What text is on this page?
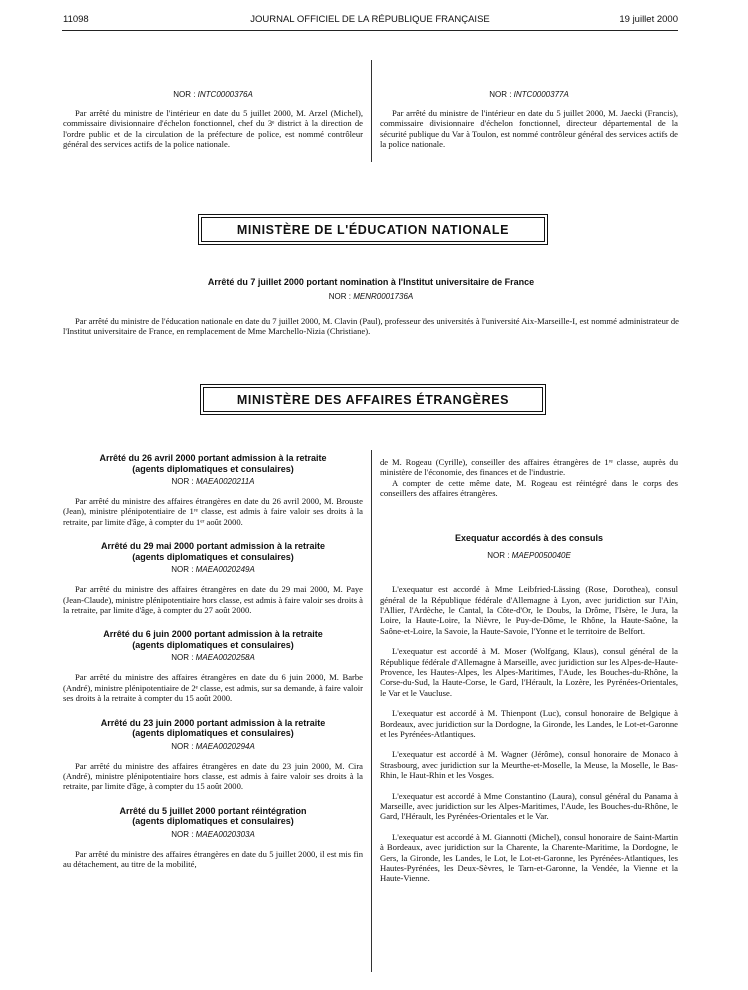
11098	JOURNAL OFFICIEL DE LA RÉPUBLIQUE FRANÇAISE	19 juillet 2000
NOR : INTC0000376A

Par arrêté du ministre de l'intérieur en date du 5 juillet 2000, M. Arzel (Michel), commissaire divisionnaire d'échelon fonctionnel, chef du 3ᵉ district à la direction de l'ordre public et de la circulation de la préfecture de police, est nommé contrôleur général des services actifs de la police nationale.

NOR : INTC0000377A

Par arrêté du ministre de l'intérieur en date du 5 juillet 2000, M. Jaecki (Francis), commissaire divisionnaire d'échelon fonctionnel, directeur départemental de la sécurité publique du Var à Toulon, est nommé contrôleur général des services actifs de la police nationale.

MINISTÈRE DE L'ÉDUCATION NATIONALE
Arrêté du 7 juillet 2000 portant nomination à l'Institut universitaire de France
NOR : MENR0001736A

Par arrêté du ministre de l'éducation nationale en date du 7 juillet 2000, M. Clavin (Paul), professeur des universités à l'université Aix-Marseille-I, est nommé administrateur de l'Institut universitaire de France, en remplacement de Mme Marchello-Nizia (Christiane).

MINISTÈRE DES AFFAIRES ÉTRANGÈRES
Arrêté du 26 avril 2000 portant admission à la retraite
(agents diplomatiques et consulaires)
NOR : MAEA0020211A

Par arrêté du ministre des affaires étrangères en date du 26 avril 2000, M. Brouste (Jean), ministre plénipotentiaire de 1ʳᵉ classe, est admis à faire valoir ses droits à la retraite, par limite d'âge, à compter du 1ᵉʳ août 2000.

Arrêté du 29 mai 2000 portant admission à la retraite
(agents diplomatiques et consulaires)
NOR : MAEA0020249A

Par arrêté du ministre des affaires étrangères en date du 29 mai 2000, M. Paye (Jean-Claude), ministre plénipotentiaire hors classe, est admis à faire valoir ses droits à la retraite, par limite d'âge, à compter du 27 août 2000.

Arrêté du 6 juin 2000 portant admission à la retraite
(agents diplomatiques et consulaires)
NOR : MAEA0020258A

Par arrêté du ministre des affaires étrangères en date du 6 juin 2000, M. Barbe (André), ministre plénipotentiaire de 2ᵉ classe, est admis, sur sa demande, à faire valoir ses droits à la retraite à compter du 15 août 2000.

Arrêté du 23 juin 2000 portant admission à la retraite
(agents diplomatiques et consulaires)
NOR : MAEA0020294A

Par arrêté du ministre des affaires étrangères en date du 23 juin 2000, M. Cira (André), ministre plénipotentiaire hors classe, est admis à faire valoir ses droits à la retraite, par limite d'âge, à compter du 15 août 2000.

Arrêté du 5 juillet 2000 portant réintégration
(agents diplomatiques et consulaires)
NOR : MAEA0020303A

Par arrêté du ministre des affaires étrangères en date du 5 juillet 2000, il est mis fin au détachement, au titre de la mobilité,

de M. Rogeau (Cyrille), conseiller des affaires étrangères de 1ʳᵉ classe, auprès du ministère de l'économie, des finances et de l'industrie.

A compter de cette même date, M. Rogeau est réintégré dans le corps des conseillers des affaires étrangères.

Exequatur accordés à des consuls
NOR : MAEP0050040E

L'exequatur est accordé à Mme Leibfried-Lässing (Rose, Dorothea), consul général de la République fédérale d'Allemagne à Lyon, avec juridiction sur l'Ain, l'Allier, l'Ardèche, le Cantal, la Côte-d'Or, le Doubs, la Drôme, l'Isère, le Jura, la Loire, la Haute-Loire, la Nièvre, le Puy-de-Dôme, le Rhône, la Haute-Saône, la Saône-et-Loire, la Savoie, la Haute-Savoie, l'Yonne et le territoire de Belfort.

L'exequatur est accordé à M. Moser (Wolfgang, Klaus), consul général de la République fédérale d'Allemagne à Marseille, avec juridiction sur les Alpes-de-Haute-Provence, les Hautes-Alpes, les Alpes-Maritimes, l'Aude, les Bouches-du-Rhône, la Corse-du-Sud, la Haute-Corse, le Gard, l'Hérault, la Lozère, les Pyrénées-Orientales, le Var et le Vaucluse.

L'exequatur est accordé à M. Thienpont (Luc), consul honoraire de Belgique à Bordeaux, avec juridiction sur la Dordogne, la Gironde, les Landes, le Lot-et-Garonne et les Pyrénées-Atlantiques.

L'exequatur est accordé à M. Wagner (Jérôme), consul honoraire de Monaco à Strasbourg, avec juridiction sur la Meurthe-et-Moselle, la Meuse, la Moselle, le Bas-Rhin, le Haut-Rhin et les Vosges.

L'exequatur est accordé à Mme Constantino (Laura), consul général du Panama à Marseille, avec juridiction sur les Alpes-Maritimes, l'Aude, les Bouches-du-Rhône, le Gard, l'Hérault, les Pyrénées-Orientales et le Var.

L'exequatur est accordé à M. Giannotti (Michel), consul honoraire de Saint-Martin à Bordeaux, avec juridiction sur la Charente, la Charente-Maritime, la Dordogne, le Gers, la Gironde, les Landes, le Lot, le Lot-et-Garonne, les Pyrénées-Atlantiques, les Hautes-Pyrénées, les Deux-Sèvres, le Tarn-et-Garonne, la Vendée, la Vienne et la Haute-Vienne.
